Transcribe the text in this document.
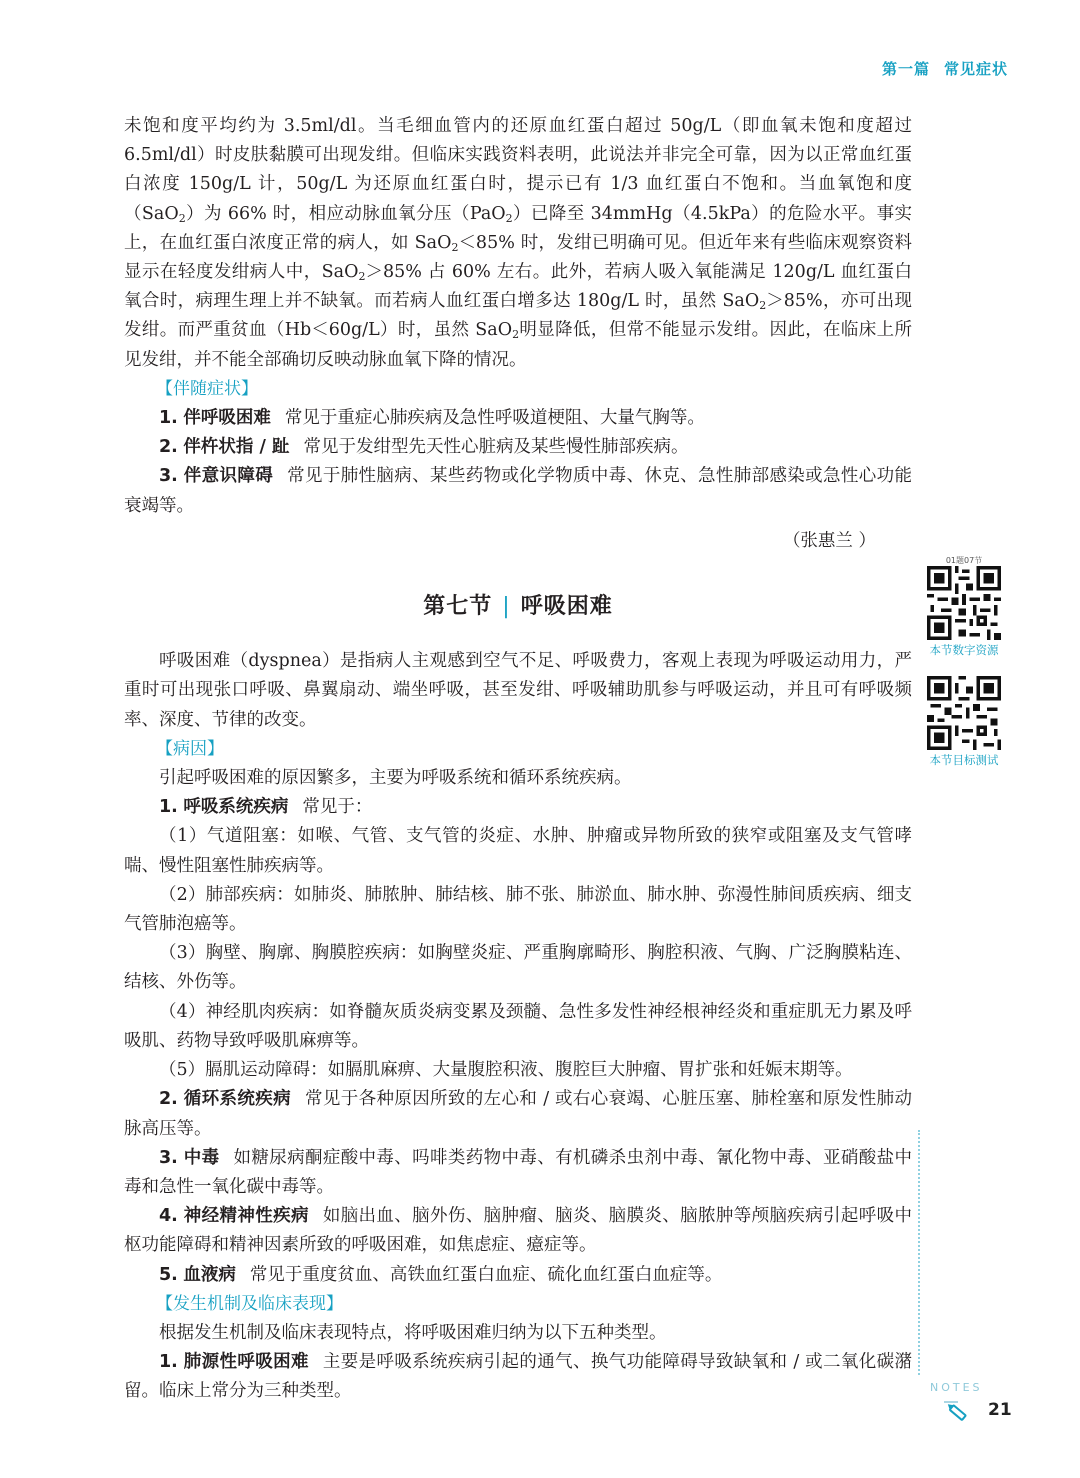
第一篇 常见症状

未饱和度平均约为 3.5ml/dl。当毛细血管内的还原血红蛋白超过 50g/L（即血氧未饱和度超过 6.5ml/dl）时皮肤黏膜可出现发绀。但临床实践资料表明，此说法并非完全可靠，因为以正常血红蛋白浓度 150g/L 计，50g/L 为还原血红蛋白时，提示已有 1/3 血红蛋白不饱和。当血氧饱和度（SaO$_2$）为 66% 时，相应动脉血氧分压（PaO$_2$）已降至 34mmHg（4.5kPa）的危险水平。事实上，在血红蛋白浓度正常的病人，如 SaO$_2$＜85% 时，发绀已明确可见。但近年来有些临床观察资料显示在轻度发绀病人中，SaO$_2$＞85% 占 60% 左右。此外，若病人吸入氧能满足 120g/L 血红蛋白氧合时，病理生理上并不缺氧。而若病人血红蛋白增多达 180g/L 时，虽然 SaO$_2$＞85%，亦可出现发绀。而严重贫血（Hb＜60g/L）时，虽然 SaO$_2$明显降低，但常不能显示发绀。因此，在临床上所见发绀，并不能全部确切反映动脉血氧下降的情况。

【伴随症状】

1. 伴呼吸困难 常见于重症心肺疾病及急性呼吸道梗阻、大量气胸等。

2. 伴杵状指 / 趾 常见于发绀型先天性心脏病及某些慢性肺部疾病。

3. 伴意识障碍 常见于肺性脑病、某些药物或化学物质中毒、休克、急性肺部感染或急性心功能衰竭等。

（张惠兰 ）

第七节 | 呼吸困难

呼吸困难（dyspnea）是指病人主观感到空气不足、呼吸费力，客观上表现为呼吸运动用力，严重时可出现张口呼吸、鼻翼扇动、端坐呼吸，甚至发绀、呼吸辅助肌参与呼吸运动，并且可有呼吸频率、深度、节律的改变。

【病因】

引起呼吸困难的原因繁多，主要为呼吸系统和循环系统疾病。

1. 呼吸系统疾病 常见于：

（1）气道阻塞：如喉、气管、支气管的炎症、水肿、肿瘤或异物所致的狭窄或阻塞及支气管哮喘、慢性阻塞性肺疾病等。

（2）肺部疾病：如肺炎、肺脓肿、肺结核、肺不张、肺淤血、肺水肿、弥漫性肺间质疾病、细支气管肺泡癌等。

（3）胸壁、胸廓、胸膜腔疾病：如胸壁炎症、严重胸廓畸形、胸腔积液、气胸、广泛胸膜粘连、结核、外伤等。

（4）神经肌肉疾病：如脊髓灰质炎病变累及颈髓、急性多发性神经根神经炎和重症肌无力累及呼吸肌、药物导致呼吸肌麻痹等。

（5）膈肌运动障碍：如膈肌麻痹、大量腹腔积液、腹腔巨大肿瘤、胃扩张和妊娠末期等。

2. 循环系统疾病 常见于各种原因所致的左心和 / 或右心衰竭、心脏压塞、肺栓塞和原发性肺动脉高压等。

3. 中毒 如糖尿病酮症酸中毒、吗啡类药物中毒、有机磷杀虫剂中毒、氰化物中毒、亚硝酸盐中毒和急性一氧化碳中毒等。

4. 神经精神性疾病 如脑出血、脑外伤、脑肿瘤、脑炎、脑膜炎、脑脓肿等颅脑疾病引起呼吸中枢功能障碍和精神因素所致的呼吸困难，如焦虑症、癔症等。

5. 血液病 常见于重度贫血、高铁血红蛋白血症、硫化血红蛋白血症等。

【发生机制及临床表现】

根据发生机制及临床表现特点，将呼吸困难归纳为以下五种类型。

1. 肺源性呼吸困难 主要是呼吸系统疾病引起的通气、换气功能障碍导致缺氧和 / 或二氧化碳潴留。临床上常分为三种类型。

01题07节
本节数字资源
本节目标测试
NOTES
21
